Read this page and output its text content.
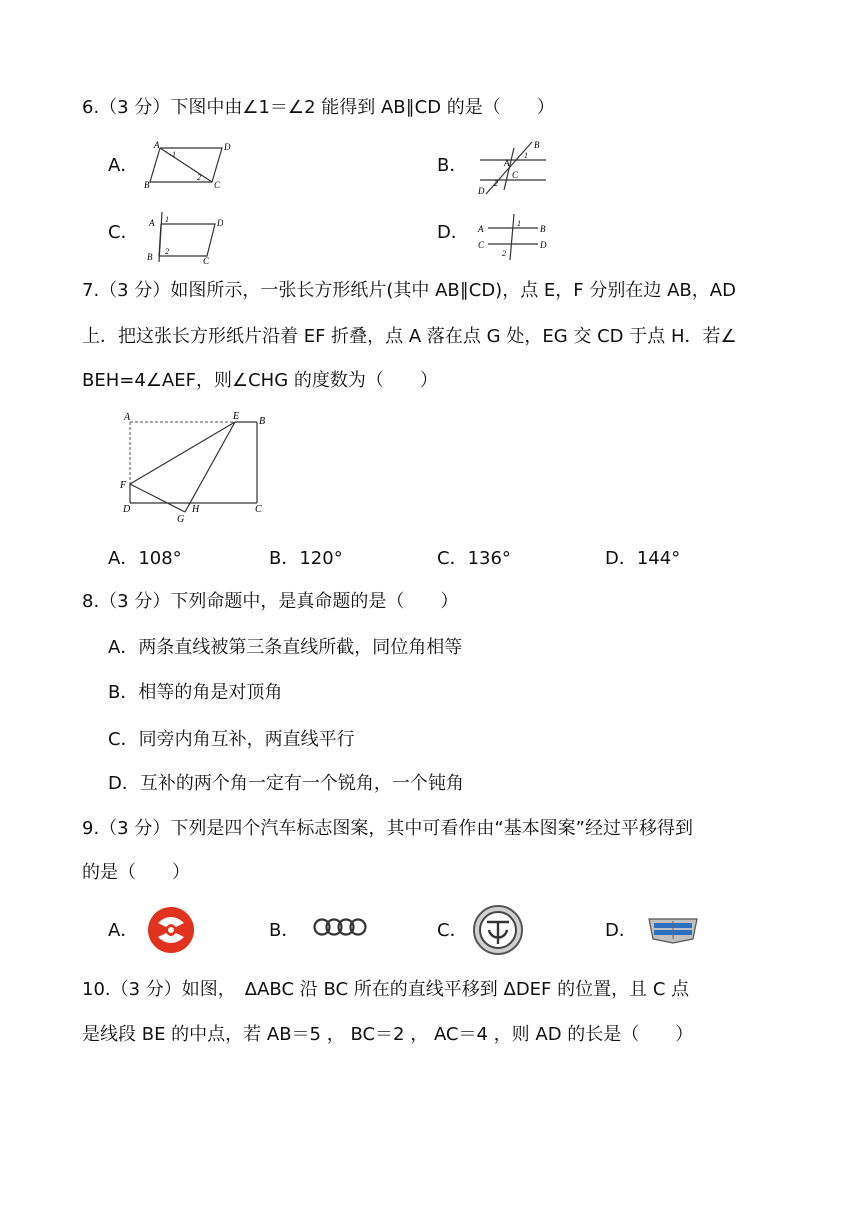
6.（3 分）下图中由∠1＝∠2 能得到 AB∥CD 的是（　　）
A．
A	D
B	C
1
2
B．
B
A
C
D
1
2
C． A	D
B	C
1
2
D． A	B
C	D
1
2
7.（3 分）如图所示，一张长方形纸片(其中 AB∥CD)，点 E，F 分别在边 AB，AD
上．把这张长方形纸片沿着 EF 折叠，点 A 落在点 G 处，EG 交 CD 于点 H．若∠
BEH=4∠AEF，则∠CHG 的度数为（　　）
A	E B
F
D
G
H	C
A．108°	B．120°	C．136°	D．144°
8.（3 分）下列命题中，是真命题的是（　　）
A．两条直线被第三条直线所截，同位角相等
B．相等的角是对顶角
C．同旁内角互补，两直线平行
D．互补的两个角一定有一个锐角，一个钝角
9.（3 分）下列是四个汽车标志图案，其中可看作由“基本图案”经过平移得到
的是（　　）
A．	B．	C．	D．
10.（3 分）如图，　ΔABC 沿 BC 所在的直线平移到 ΔDEF 的位置，且 C 点
是线段 BE 的中点，若 AB＝5 ， BC＝2 ， AC＝4 ，则 AD 的长是（　　）
